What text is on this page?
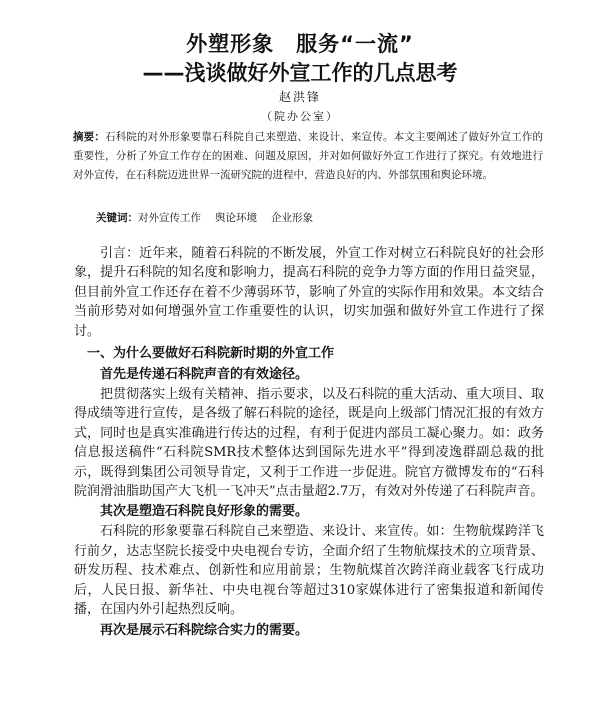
外塑形象　服务“一流”
——浅谈做好外宣工作的几点思考
赵洪锋
（院办公室）

摘要：石科院的对外形象要靠石科院自己来塑造、来设计、来宣传。本文主要阐述了做好外宣工作的重要性，分析了外宣工作存在的困难、问题及原因，并对如何做好外宣工作进行了探究。有效地进行对外宣传，在石科院迈进世界一流研究院的进程中，营造良好的内、外部氛围和舆论环境。

关键词：对外宣传工作 舆论环境 企业形象

引言：近年来，随着石科院的不断发展，外宣工作对树立石科院良好的社会形象，提升石科院的知名度和影响力，提高石科院的竞争力等方面的作用日益突显，但目前外宣工作还存在着不少薄弱环节，影响了外宣的实际作用和效果。本文结合当前形势对如何增强外宣工作重要性的认识，切实加强和做好外宣工作进行了探讨。

一、为什么要做好石科院新时期的外宣工作

首先是传递石科院声音的有效途径。

把贯彻落实上级有关精神、指示要求，以及石科院的重大活动、重大项目、取得成绩等进行宣传，是各级了解石科院的途径，既是向上级部门情况汇报的有效方式，同时也是真实准确进行传达的过程，有利于促进内部员工凝心聚力。如：政务信息报送稿件“石科院SMR技术整体达到国际先进水平”得到凌逸群副总裁的批示，既得到集团公司领导肯定，又利于工作进一步促进。院官方微博发布的“石科院润滑油脂助国产大飞机一飞冲天”点击量超2.7万，有效对外传递了石科院声音。

其次是塑造石科院良好形象的需要。

石科院的形象要靠石科院自己来塑造、来设计、来宣传。如：生物航煤跨洋飞行前夕，达志坚院长接受中央电视台专访，全面介绍了生物航煤技术的立项背景、研发历程、技术难点、创新性和应用前景；生物航煤首次跨洋商业载客飞行成功后，人民日报、新华社、中央电视台等超过310家媒体进行了密集报道和新闻传播，在国内外引起热烈反响。

再次是展示石科院综合实力的需要。
